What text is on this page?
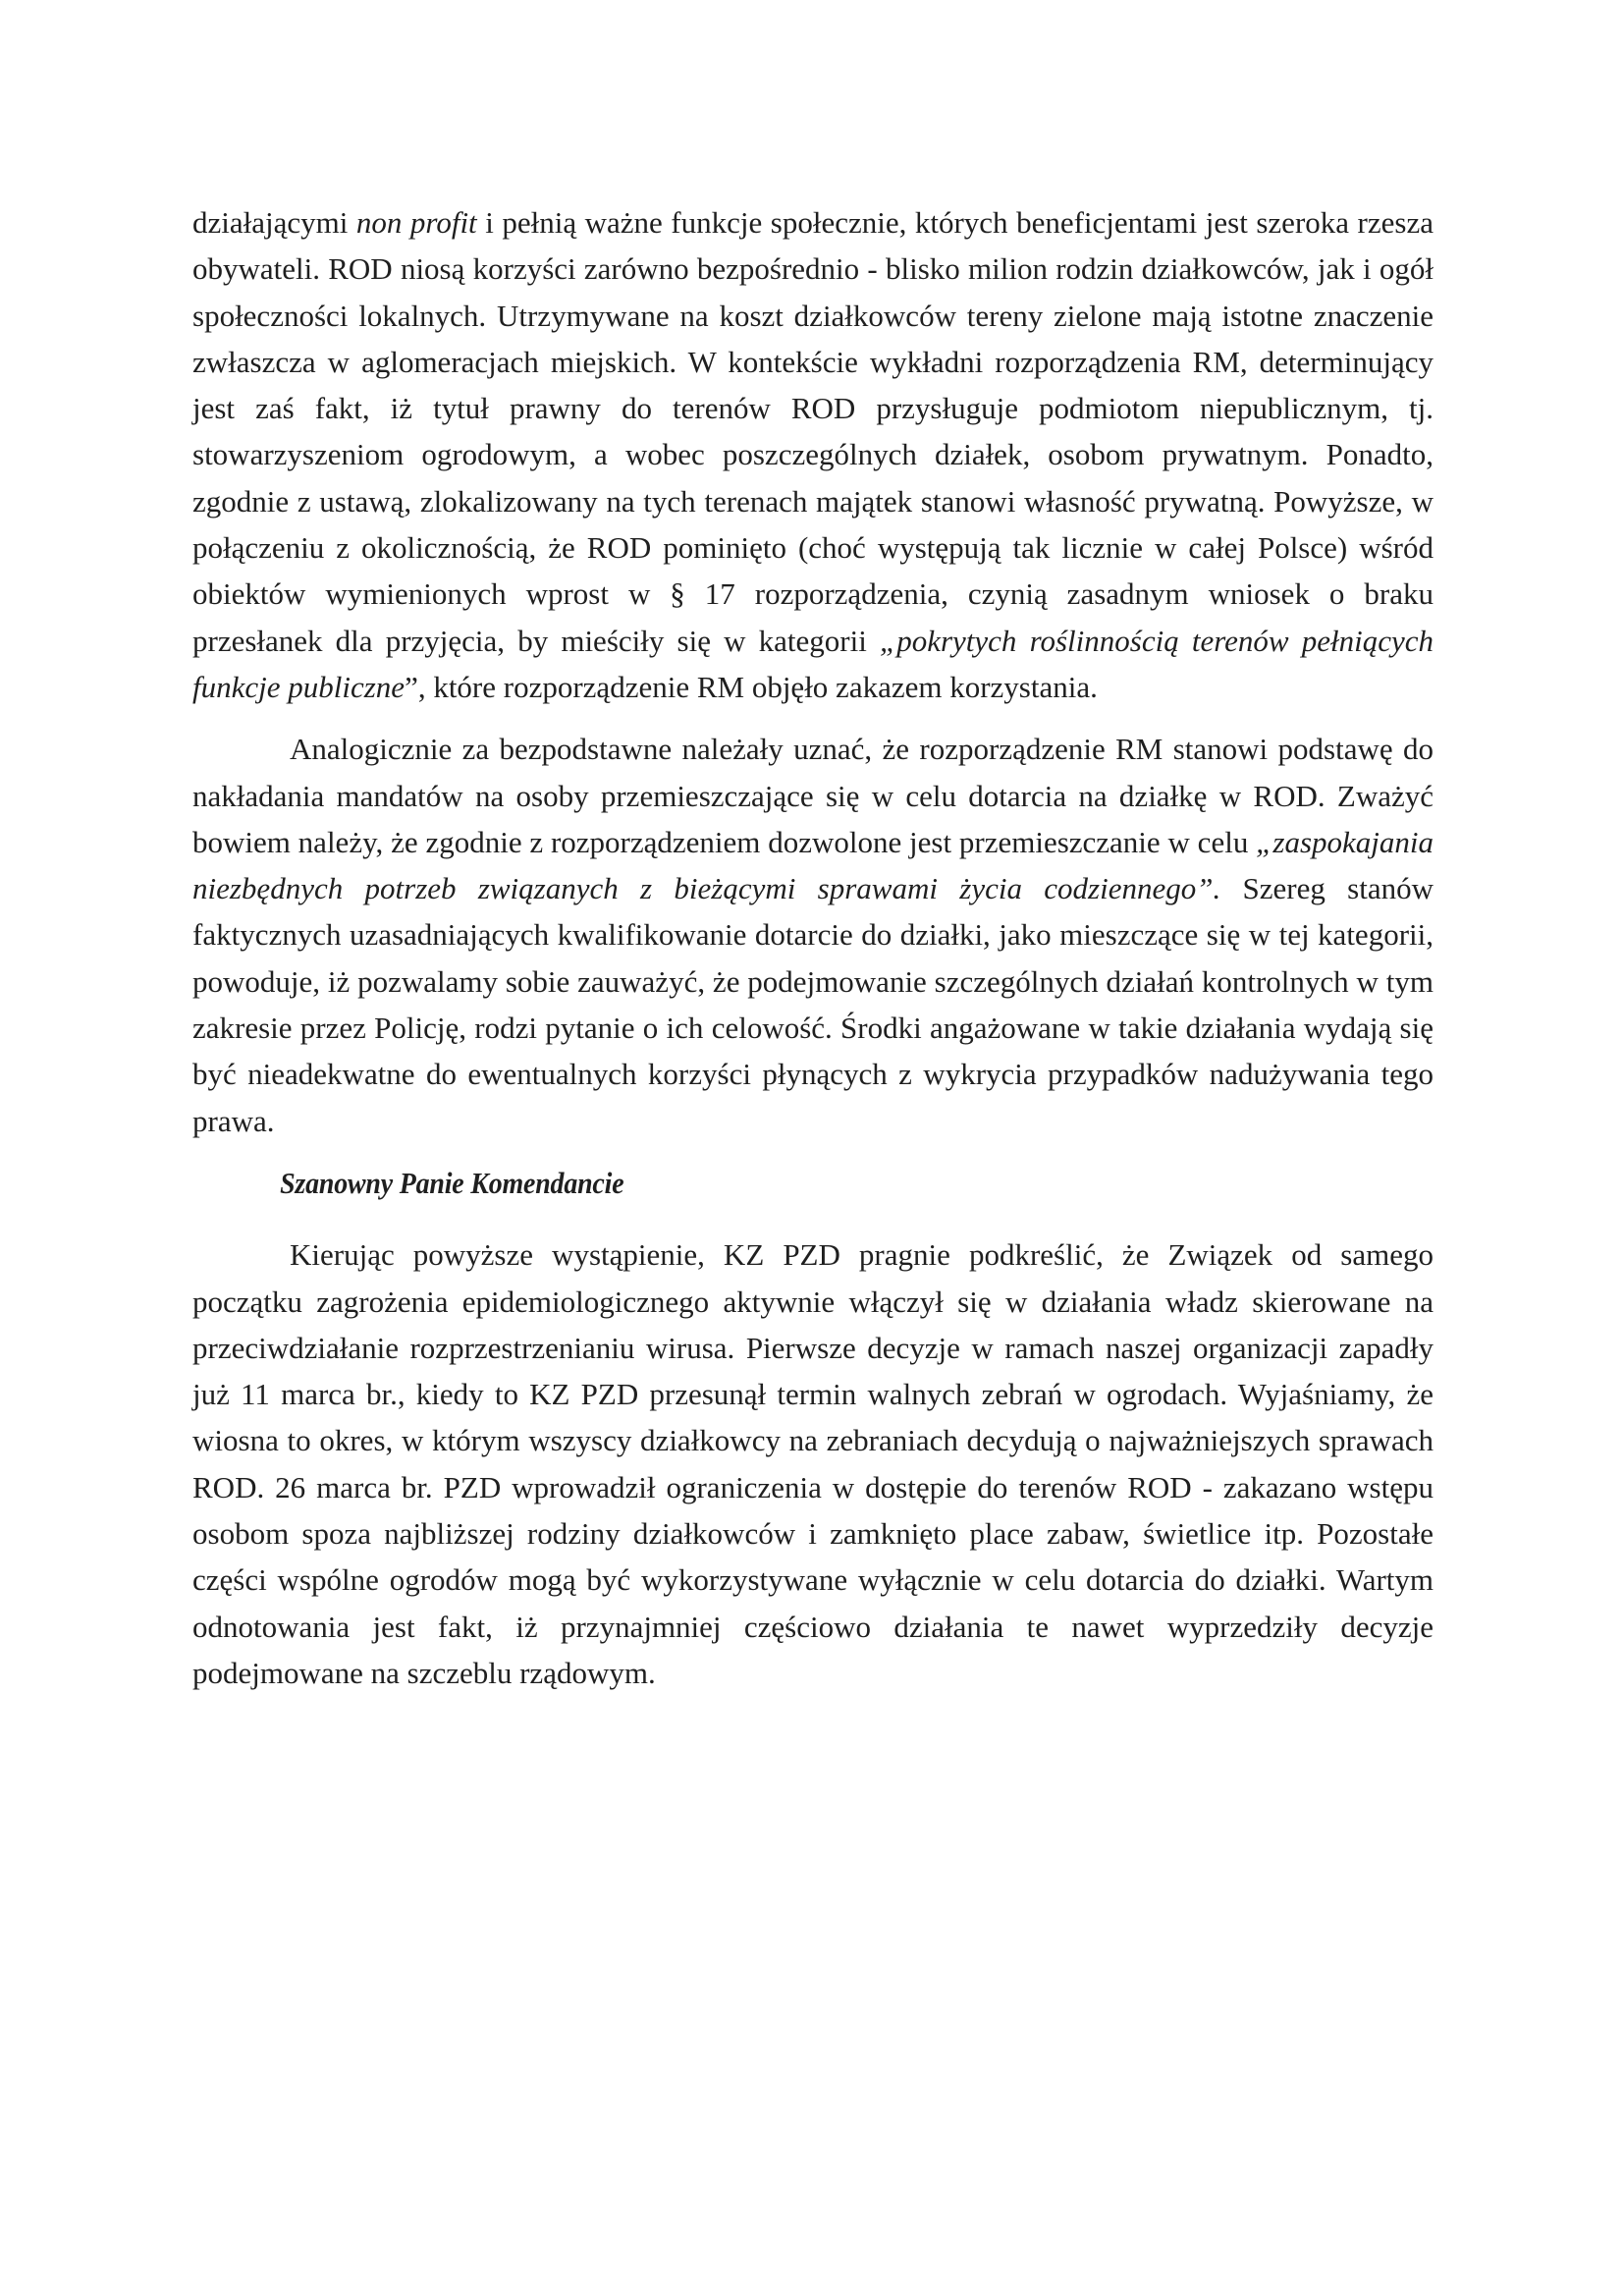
działającymi non profit i pełnią ważne funkcje społecznie, których beneficjentami jest szeroka rzesza obywateli. ROD niosą korzyści zarówno bezpośrednio - blisko milion rodzin działkowców, jak i ogół społeczności lokalnych. Utrzymywane na koszt działkowców tereny zielone mają istotne znaczenie zwłaszcza w aglomeracjach miejskich. W kontekście wykładni rozporządzenia RM, determinujący jest zaś fakt, iż tytuł prawny do terenów ROD przysługuje podmiotom niepublicznym, tj. stowarzyszeniom ogrodowym, a wobec poszczególnych działek, osobom prywatnym. Ponadto, zgodnie z ustawą, zlokalizowany na tych terenach majątek stanowi własność prywatną. Powyższe, w połączeniu z okolicznością, że ROD pominięto (choć występują tak licznie w całej Polsce) wśród obiektów wymienionych wprost w § 17 rozporządzenia, czynią zasadnym wniosek o braku przesłanek dla przyjęcia, by mieściły się w kategorii „pokrytych roślinnością terenów pełniących funkcje publiczne”, które rozporządzenie RM objęło zakazem korzystania.

Analogicznie za bezpodstawne należały uznać, że rozporządzenie RM stanowi podstawę do nakładania mandatów na osoby przemieszczające się w celu dotarcia na działkę w ROD. Zważyć bowiem należy, że zgodnie z rozporządzeniem dozwolone jest przemieszczanie w celu „zaspokajania niezbędnych potrzeb związanych z bieżącymi sprawami życia codziennego”. Szereg stanów faktycznych uzasadniających kwalifikowanie dotarcie do działki, jako mieszczące się w tej kategorii, powoduje, iż pozwalamy sobie zauważyć, że podejmowanie szczególnych działań kontrolnych w tym zakresie przez Policję, rodzi pytanie o ich celowość. Środki angażowane w takie działania wydają się być nieadekwatne do ewentualnych korzyści płynących z wykrycia przypadków nadużywania tego prawa.

Szanowny Panie Komendancie

Kierując powyższe wystąpienie, KZ PZD pragnie podkreślić, że Związek od samego początku zagrożenia epidemiologicznego aktywnie włączył się w działania władz skierowane na przeciwdziałanie rozprzestrzenianiu wirusa. Pierwsze decyzje w ramach naszej organizacji zapadły już 11 marca br., kiedy to KZ PZD przesunął termin walnych zebrań w ogrodach. Wyjaśniamy, że wiosna to okres, w którym wszyscy działkowcy na zebraniach decydują o najważniejszych sprawach ROD. 26 marca br. PZD wprowadził ograniczenia w dostępie do terenów ROD - zakazano wstępu osobom spoza najbliższej rodziny działkowców i zamknięto place zabaw, świetlice itp. Pozostałe części wspólne ogrodów mogą być wykorzystywane wyłącznie w celu dotarcia do działki. Wartym odnotowania jest fakt, iż przynajmniej częściowo działania te nawet wyprzedziły decyzje podejmowane na szczeblu rządowym.
